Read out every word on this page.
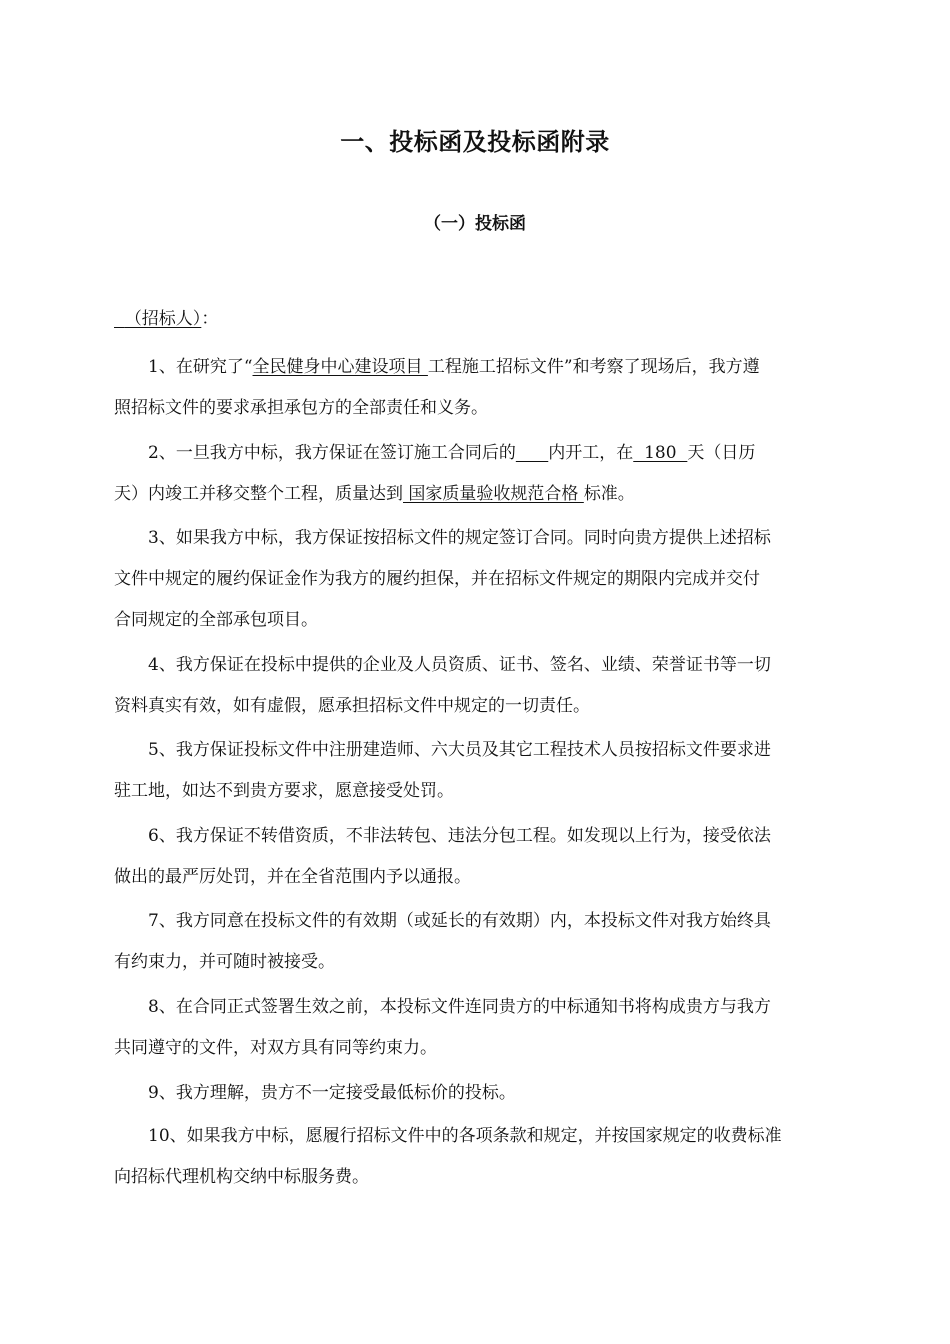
一、投标函及投标函附录
（一）投标函
（招标人）：
1、在研究了“全民健身中心建设项目 工程施工招标文件”和考察了现场后，我方遵
照招标文件的要求承担承包方的全部责任和义务。
2、一旦我方中标，我方保证在签订施工合同后的 内开工，在  180  天（日历
天）内竣工并移交整个工程，质量达到 国家质量验收规范合格 标准。
3、如果我方中标，我方保证按招标文件的规定签订合同。同时向贵方提供上述招标
文件中规定的履约保证金作为我方的履约担保，并在招标文件规定的期限内完成并交付
合同规定的全部承包项目。
4、我方保证在投标中提供的企业及人员资质、证书、签名、业绩、荣誉证书等一切
资料真实有效，如有虚假，愿承担招标文件中规定的一切责任。
5、我方保证投标文件中注册建造师、六大员及其它工程技术人员按招标文件要求进
驻工地，如达不到贵方要求，愿意接受处罚。
6、我方保证不转借资质，不非法转包、违法分包工程。如发现以上行为，接受依法
做出的最严厉处罚，并在全省范围内予以通报。
7、我方同意在投标文件的有效期（或延长的有效期）内，本投标文件对我方始终具
有约束力，并可随时被接受。
8、在合同正式签署生效之前，本投标文件连同贵方的中标通知书将构成贵方与我方
共同遵守的文件，对双方具有同等约束力。
9、我方理解，贵方不一定接受最低标价的投标。
10、如果我方中标，愿履行招标文件中的各项条款和规定，并按国家规定的收费标准
向招标代理机构交纳中标服务费。
